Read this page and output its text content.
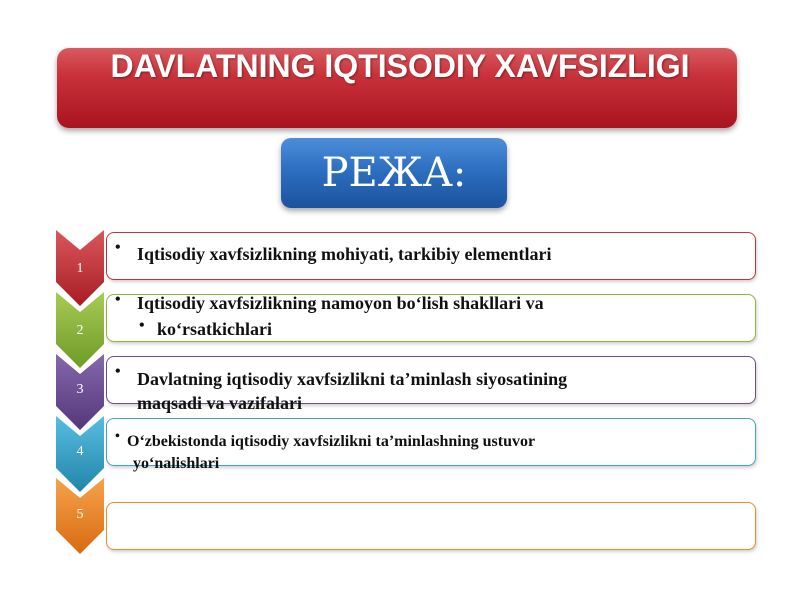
DAVLATNING IQTISODIY XAVFSIZLIGI
РЕЖА:
1
• Iqtisodiy xavfsizlikning mohiyati, tarkibiy elementlari
2
• Iqtisodiy xavfsizlikning namoyon bo‘lish shakllari va
• ko‘rsatkichlari
3
• Davlatning iqtisodiy xavfsizlikni ta’minlash siyosatining
maqsadi va vazifalari
4
• O‘zbekistonda iqtisodiy xavfsizlikni ta’minlashning ustuvor
yo‘nalishlari
5
